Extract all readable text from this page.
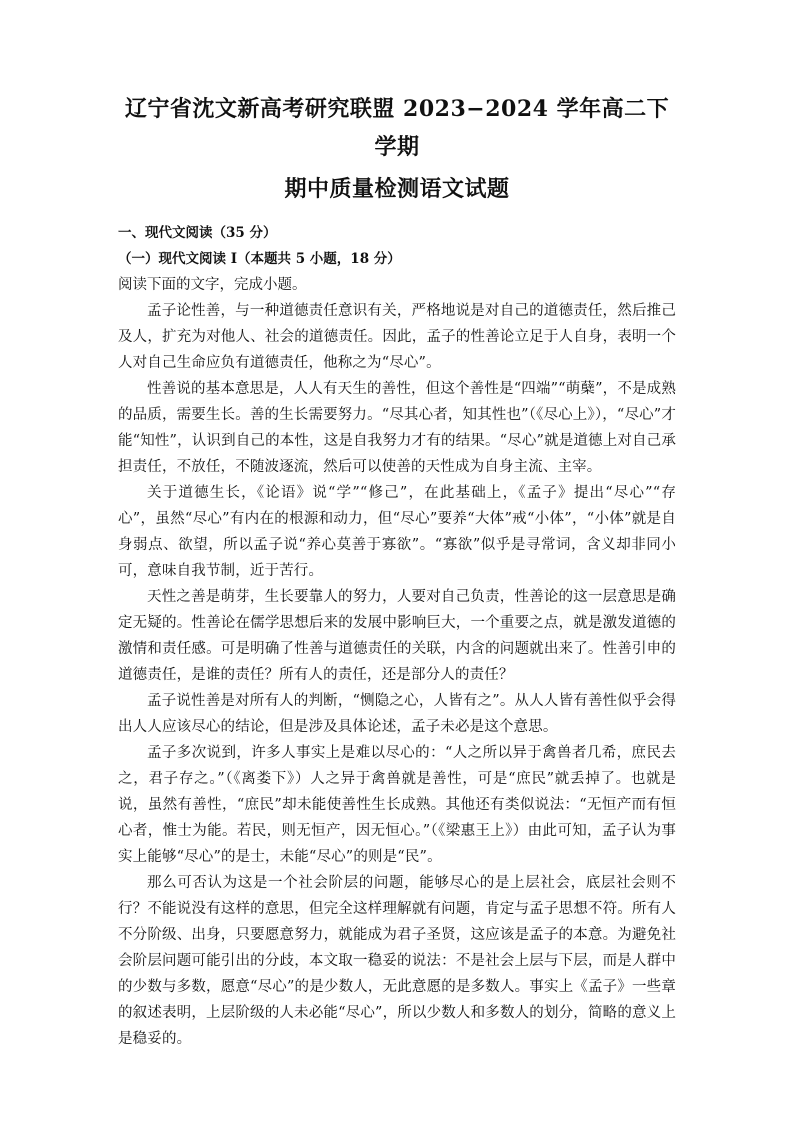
辽宁省沈文新高考研究联盟 2023−2024 学年高二下学期
期中质量检测语文试题

一、现代文阅读（35 分）

（一）现代文阅读 I（本题共 5 小题，18 分）

阅读下面的文字，完成小题。

孟子论性善，与一种道德责任意识有关，严格地说是对自己的道德责任，然后推己及人，扩充为对他人、社会的道德责任。因此，孟子的性善论立足于人自身，表明一个人对自己生命应负有道德责任，他称之为“尽心”。

性善说的基本意思是，人人有天生的善性，但这个善性是“四端”“萌蘖”，不是成熟的品质，需要生长。善的生长需要努力。“尽其心者，知其性也”（《尽心上》），“尽心”才能“知性”，认识到自己的本性，这是自我努力才有的结果。“尽心”就是道德上对自己承担责任，不放任，不随波逐流，然后可以使善的天性成为自身主流、主宰。

关于道德生长，《论语》说“学”“修己”，在此基础上，《孟子》提出“尽心”“存心”，虽然“尽心”有内在的根源和动力，但“尽心”要养“大体”戒“小体”，“小体”就是自身弱点、欲望，所以孟子说“养心莫善于寡欲”。“寡欲”似乎是寻常词，含义却非同小可，意味自我节制，近于苦行。

天性之善是萌芽，生长要靠人的努力，人要对自己负责，性善论的这一层意思是确定无疑的。性善论在儒学思想后来的发展中影响巨大，一个重要之点，就是激发道德的激情和责任感。可是明确了性善与道德责任的关联，内含的问题就出来了。性善引申的道德责任，是谁的责任？所有人的责任，还是部分人的责任？

孟子说性善是对所有人的判断，“恻隐之心，人皆有之”。从人人皆有善性似乎会得出人人应该尽心的结论，但是涉及具体论述，孟子未必是这个意思。

孟子多次说到，许多人事实上是难以尽心的：“人之所以异于禽兽者几希，庶民去之，君子存之。”（《离娄下》）人之异于禽兽就是善性，可是“庶民”就丢掉了。也就是说，虽然有善性，“庶民”却未能使善性生长成熟。其他还有类似说法：“无恒产而有恒心者，惟士为能。若民，则无恒产，因无恒心。”（《梁惠王上》）由此可知，孟子认为事实上能够“尽心”的是士，未能“尽心”的则是“民”。

那么可否认为这是一个社会阶层的问题，能够尽心的是上层社会，底层社会则不行？不能说没有这样的意思，但完全这样理解就有问题，肯定与孟子思想不符。所有人不分阶级、出身，只要愿意努力，就能成为君子圣贤，这应该是孟子的本意。为避免社会阶层问题可能引出的分歧，本文取一稳妥的说法：不是社会上层与下层，而是人群中的少数与多数，愿意“尽心”的是少数人，无此意愿的是多数人。事实上《孟子》一些章的叙述表明，上层阶级的人未必能“尽心”，所以少数人和多数人的划分，简略的意义上是稳妥的。
